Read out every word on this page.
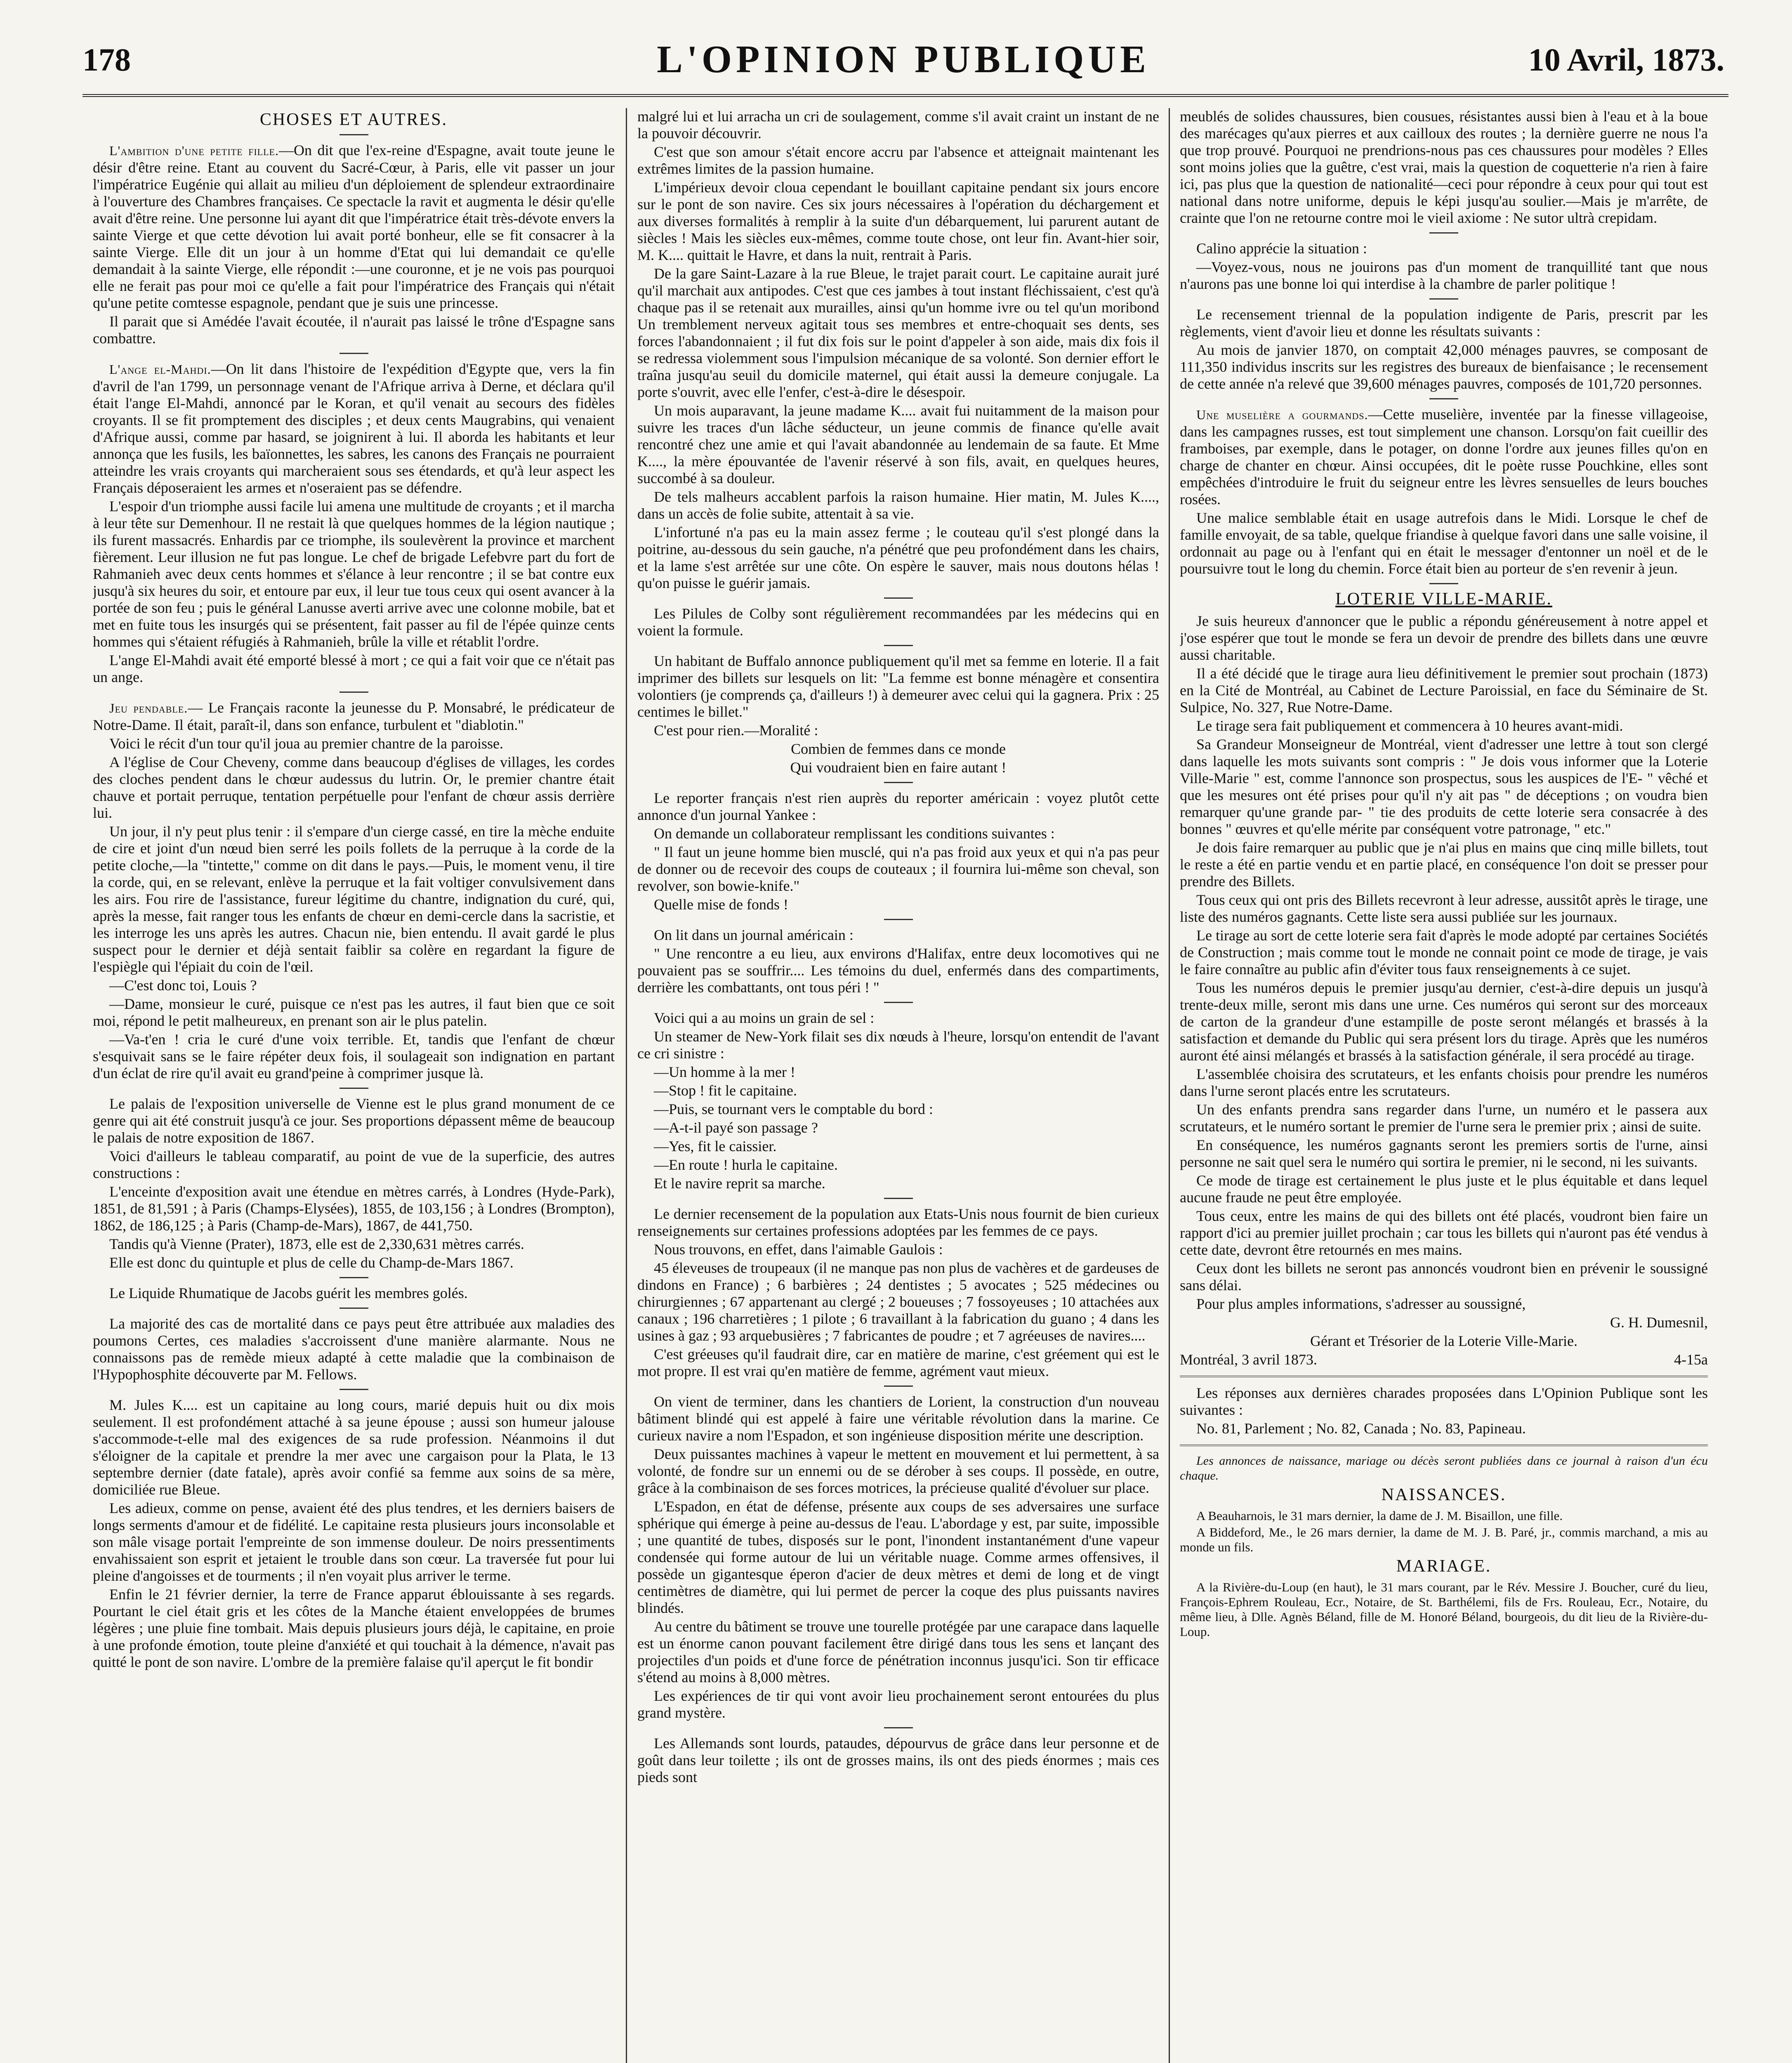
178	L'OPINION PUBLIQUE	10 Avril, 1873.
CHOSES ET AUTRES.

L'ambition d'une petite fille.—On dit que l'ex-reine d'Espagne, avait toute jeune le désir d'être reine. Etant au couvent du Sacré-Cœur, à Paris, elle vit passer un jour l'impératrice Eugénie qui allait au milieu d'un déploiement de splendeur extraordinaire à l'ouverture des Chambres françaises. Ce spectacle la ravit et augmenta le désir qu'elle avait d'être reine. Une personne lui ayant dit que l'impératrice était très-dévote envers la sainte Vierge et que cette dévotion lui avait porté bonheur, elle se fit consacrer à la sainte Vierge. Elle dit un jour à un homme d'Etat qui lui demandait ce qu'elle demandait à la sainte Vierge, elle répondit :—une couronne, et je ne vois pas pourquoi elle ne ferait pas pour moi ce qu'elle a fait pour l'impératrice des Français qui n'était qu'une petite comtesse espagnole, pendant que je suis une princesse.

Il parait que si Amédée l'avait écoutée, il n'aurait pas laissé le trône d'Espagne sans combattre.

L'ange el-Mahdi.—On lit dans l'histoire de l'expédition d'Egypte que, vers la fin d'avril de l'an 1799, un personnage venant de l'Afrique arriva à Derne, et déclara qu'il était l'ange El-Mahdi, annoncé par le Koran, et qu'il venait au secours des fidèles croyants. Il se fit promptement des disciples ; et deux cents Maugrabins, qui venaient d'Afrique aussi, comme par hasard, se joignirent à lui. Il aborda les habitants et leur annonça que les fusils, les baïonnettes, les sabres, les canons des Français ne pourraient atteindre les vrais croyants qui marcheraient sous ses étendards, et qu'à leur aspect les Français déposeraient les armes et n'oseraient pas se défendre.

L'espoir d'un triomphe aussi facile lui amena une multitude de croyants ; et il marcha à leur tête sur Demenhour. Il ne restait là que quelques hommes de la légion nautique ; ils furent massacrés. Enhardis par ce triomphe, ils soulevèrent la province et marchent fièrement. Leur illusion ne fut pas longue. Le chef de brigade Lefebvre part du fort de Rahmanieh avec deux cents hommes et s'élance à leur rencontre ; il se bat contre eux jusqu'à six heures du soir, et entoure par eux, il leur tue tous ceux qui osent avancer à la portée de son feu ; puis le général Lanusse averti arrive avec une colonne mobile, bat et met en fuite tous les insurgés qui se présentent, fait passer au fil de l'épée quinze cents hommes qui s'étaient réfugiés à Rahmanieh, brûle la ville et rétablit l'ordre.

L'ange El-Mahdi avait été emporté blessé à mort ; ce qui a fait voir que ce n'était pas un ange.

Jeu pendable.— Le Français raconte la jeunesse du P. Monsabré, le prédicateur de Notre-Dame. Il était, paraît-il, dans son enfance, turbulent et "diablotin."

Voici le récit d'un tour qu'il joua au premier chantre de la paroisse.

A l'église de Cour Cheveny, comme dans beaucoup d'églises de villages, les cordes des cloches pendent dans le chœur audessus du lutrin. Or, le premier chantre était chauve et portait perruque, tentation perpétuelle pour l'enfant de chœur assis derrière lui.

Un jour, il n'y peut plus tenir : il s'empare d'un cierge cassé, en tire la mèche enduite de cire et joint d'un nœud bien serré les poils follets de la perruque à la corde de la petite cloche,—la "tintette," comme on dit dans le pays.—Puis, le moment venu, il tire la corde, qui, en se relevant, enlève la perruque et la fait voltiger convulsivement dans les airs. Fou rire de l'assistance, fureur légitime du chantre, indignation du curé, qui, après la messe, fait ranger tous les enfants de chœur en demi-cercle dans la sacristie, et les interroge les uns après les autres. Chacun nie, bien entendu. Il avait gardé le plus suspect pour le dernier et déjà sentait faiblir sa colère en regardant la figure de l'espiègle qui l'épiait du coin de l'œil.

—C'est donc toi, Louis ?

—Dame, monsieur le curé, puisque ce n'est pas les autres, il faut bien que ce soit moi, répond le petit malheureux, en prenant son air le plus patelin.

—Va-t'en ! cria le curé d'une voix terrible. Et, tandis que l'enfant de chœur s'esquivait sans se le faire répéter deux fois, il soulageait son indignation en partant d'un éclat de rire qu'il avait eu grand'peine à comprimer jusque là.

Le palais de l'exposition universelle de Vienne est le plus grand monument de ce genre qui ait été construit jusqu'à ce jour. Ses proportions dépassent même de beaucoup le palais de notre exposition de 1867.

Voici d'ailleurs le tableau comparatif, au point de vue de la superficie, des autres constructions :

L'enceinte d'exposition avait une étendue en mètres carrés, à Londres (Hyde-Park), 1851, de 81,591 ; à Paris (Champs-Elysées), 1855, de 103,156 ; à Londres (Brompton), 1862, de 186,125 ; à Paris (Champ-de-Mars), 1867, de 441,750.

Tandis qu'à Vienne (Prater), 1873, elle est de 2,330,631 mètres carrés.

Elle est donc du quintuple et plus de celle du Champ-de-Mars 1867.

Le Liquide Rhumatique de Jacobs guérit les membres golés.

La majorité des cas de mortalité dans ce pays peut être attribuée aux maladies des poumons Certes, ces maladies s'accroissent d'une manière alarmante. Nous ne connaissons pas de remède mieux adapté à cette maladie que la combinaison de l'Hypophosphite découverte par M. Fellows.

M. Jules K.... est un capitaine au long cours, marié depuis huit ou dix mois seulement. Il est profondément attaché à sa jeune épouse ; aussi son humeur jalouse s'accommode-t-elle mal des exigences de sa rude profession. Néanmoins il dut s'éloigner de la capitale et prendre la mer avec une cargaison pour la Plata, le 13 septembre dernier (date fatale), après avoir confié sa femme aux soins de sa mère, domiciliée rue Bleue.

Les adieux, comme on pense, avaient été des plus tendres, et les derniers baisers de longs serments d'amour et de fidélité. Le capitaine resta plusieurs jours inconsolable et son mâle visage portait l'empreinte de son immense douleur. De noirs pressentiments envahissaient son esprit et jetaient le trouble dans son cœur. La traversée fut pour lui pleine d'angoisses et de tourments ; il n'en voyait plus arriver le terme.

Enfin le 21 février dernier, la terre de France apparut éblouissante à ses regards. Pourtant le ciel était gris et les côtes de la Manche étaient enveloppées de brumes légères ; une pluie fine tombait. Mais depuis plusieurs jours déjà, le capitaine, en proie à une profonde émotion, toute pleine d'anxiété et qui touchait à la démence, n'avait pas quitté le pont de son navire. L'ombre de la première falaise qu'il aperçut le fit bondir

malgré lui et lui arracha un cri de soulagement, comme s'il avait craint un instant de ne la pouvoir découvrir.

C'est que son amour s'était encore accru par l'absence et atteignait maintenant les extrêmes limites de la passion humaine.

L'impérieux devoir cloua cependant le bouillant capitaine pendant six jours encore sur le pont de son navire. Ces six jours nécessaires à l'opération du déchargement et aux diverses formalités à remplir à la suite d'un débarquement, lui parurent autant de siècles ! Mais les siècles eux-mêmes, comme toute chose, ont leur fin. Avant-hier soir, M. K.... quittait le Havre, et dans la nuit, rentrait à Paris.

De la gare Saint-Lazare à la rue Bleue, le trajet parait court. Le capitaine aurait juré qu'il marchait aux antipodes. C'est que ces jambes à tout instant fléchissaient, c'est qu'à chaque pas il se retenait aux murailles, ainsi qu'un homme ivre ou tel qu'un moribond Un tremblement nerveux agitait tous ses membres et entre-choquait ses dents, ses forces l'abandonnaient ; il fut dix fois sur le point d'appeler à son aide, mais dix fois il se redressa violemment sous l'impulsion mécanique de sa volonté. Son dernier effort le traîna jusqu'au seuil du domicile maternel, qui était aussi la demeure conjugale. La porte s'ouvrit, avec elle l'enfer, c'est-à-dire le désespoir.

Un mois auparavant, la jeune madame K.... avait fui nuitamment de la maison pour suivre les traces d'un lâche séducteur, un jeune commis de finance qu'elle avait rencontré chez une amie et qui l'avait abandonnée au lendemain de sa faute. Et Mme K...., la mère épouvantée de l'avenir réservé à son fils, avait, en quelques heures, succombé à sa douleur.

De tels malheurs accablent parfois la raison humaine. Hier matin, M. Jules K...., dans un accès de folie subite, attentait à sa vie.

L'infortuné n'a pas eu la main assez ferme ; le couteau qu'il s'est plongé dans la poitrine, au-dessous du sein gauche, n'a pénétré que peu profondément dans les chairs, et la lame s'est arrêtée sur une côte. On espère le sauver, mais nous doutons hélas ! qu'on puisse le guérir jamais.

Les Pilules de Colby sont régulièrement recommandées par les médecins qui en voient la formule.

Un habitant de Buffalo annonce publiquement qu'il met sa femme en loterie. Il a fait imprimer des billets sur lesquels on lit: "La femme est bonne ménagère et consentira volontiers (je comprends ça, d'ailleurs !) à demeurer avec celui qui la gagnera. Prix : 25 centimes le billet."

C'est pour rien.—Moralité :

Combien de femmes dans ce monde

Qui voudraient bien en faire autant !

Le reporter français n'est rien auprès du reporter américain : voyez plutôt cette annonce d'un journal Yankee :

On demande un collaborateur remplissant les conditions suivantes :

" Il faut un jeune homme bien musclé, qui n'a pas froid aux yeux et qui n'a pas peur de donner ou de recevoir des coups de couteaux ; il fournira lui-même son cheval, son revolver, son bowie-knife."

Quelle mise de fonds !

On lit dans un journal américain :

" Une rencontre a eu lieu, aux environs d'Halifax, entre deux locomotives qui ne pouvaient pas se souffrir.... Les témoins du duel, enfermés dans des compartiments, derrière les combattants, ont tous péri ! "

Voici qui a au moins un grain de sel :

Un steamer de New-York filait ses dix nœuds à l'heure, lorsqu'on entendit de l'avant ce cri sinistre :

—Un homme à la mer !

—Stop ! fit le capitaine.

—Puis, se tournant vers le comptable du bord :

—A-t-il payé son passage ?

—Yes, fit le caissier.

—En route ! hurla le capitaine.

Et le navire reprit sa marche.

Le dernier recensement de la population aux Etats-Unis nous fournit de bien curieux renseignements sur certaines professions adoptées par les femmes de ce pays.

Nous trouvons, en effet, dans l'aimable Gaulois :

45 éleveuses de troupeaux (il ne manque pas non plus de vachères et de gardeuses de dindons en France) ; 6 barbières ; 24 dentistes ; 5 avocates ; 525 médecines ou chirurgiennes ; 67 appartenant au clergé ; 2 boueuses ; 7 fossoyeuses ; 10 attachées aux canaux ; 196 charretières ; 1 pilote ; 6 travaillant à la fabrication du guano ; 4 dans les usines à gaz ; 93 arquebusières ; 7 fabricantes de poudre ; et 7 agréeuses de navires....

C'est gréeuses qu'il faudrait dire, car en matière de marine, c'est gréement qui est le mot propre. Il est vrai qu'en matière de femme, agrément vaut mieux.

On vient de terminer, dans les chantiers de Lorient, la construction d'un nouveau bâtiment blindé qui est appelé à faire une véritable révolution dans la marine. Ce curieux navire a nom l'Espadon, et son ingénieuse disposition mérite une description.

Deux puissantes machines à vapeur le mettent en mouvement et lui permettent, à sa volonté, de fondre sur un ennemi ou de se dérober à ses coups. Il possède, en outre, grâce à la combinaison de ses forces motrices, la précieuse qualité d'évoluer sur place.

L'Espadon, en état de défense, présente aux coups de ses adversaires une surface sphérique qui émerge à peine au-dessus de l'eau. L'abordage y est, par suite, impossible ; une quantité de tubes, disposés sur le pont, l'inondent instantanément d'une vapeur condensée qui forme autour de lui un véritable nuage. Comme armes offensives, il possède un gigantesque éperon d'acier de deux mètres et demi de long et de vingt centimètres de diamètre, qui lui permet de percer la coque des plus puissants navires blindés.

Au centre du bâtiment se trouve une tourelle protégée par une carapace dans laquelle est un énorme canon pouvant facilement être dirigé dans tous les sens et lançant des projectiles d'un poids et d'une force de pénétration inconnus jusqu'ici. Son tir efficace s'étend au moins à 8,000 mètres.

Les expériences de tir qui vont avoir lieu prochainement seront entourées du plus grand mystère.

Les Allemands sont lourds, pataudes, dépourvus de grâce dans leur personne et de goût dans leur toilette ; ils ont de grosses mains, ils ont des pieds énormes ; mais ces pieds sont

meublés de solides chaussures, bien cousues, résistantes aussi bien à l'eau et à la boue des marécages qu'aux pierres et aux cailloux des routes ; la dernière guerre ne nous l'a que trop prouvé. Pourquoi ne prendrions-nous pas ces chaussures pour modèles ? Elles sont moins jolies que la guêtre, c'est vrai, mais la question de coquetterie n'a rien à faire ici, pas plus que la question de nationalité—ceci pour répondre à ceux pour qui tout est national dans notre uniforme, depuis le képi jusqu'au soulier.—Mais je m'arrête, de crainte que l'on ne retourne contre moi le vieil axiome : Ne sutor ultrà crepidam.

Calino apprécie la situation :

—Voyez-vous, nous ne jouirons pas d'un moment de tranquillité tant que nous n'aurons pas une bonne loi qui interdise à la chambre de parler politique !

Le recensement triennal de la population indigente de Paris, prescrit par les règlements, vient d'avoir lieu et donne les résultats suivants :

Au mois de janvier 1870, on comptait 42,000 ménages pauvres, se composant de 111,350 individus inscrits sur les registres des bureaux de bienfaisance ; le recensement de cette année n'a relevé que 39,600 ménages pauvres, composés de 101,720 personnes.

Une muselière a gourmands.—Cette muselière, inventée par la finesse villageoise, dans les campagnes russes, est tout simplement une chanson. Lorsqu'on fait cueillir des framboises, par exemple, dans le potager, on donne l'ordre aux jeunes filles qu'on en charge de chanter en chœur. Ainsi occupées, dit le poète russe Pouchkine, elles sont empêchées d'introduire le fruit du seigneur entre les lèvres sensuelles de leurs bouches rosées.

Une malice semblable était en usage autrefois dans le Midi. Lorsque le chef de famille envoyait, de sa table, quelque friandise à quelque favori dans une salle voisine, il ordonnait au page ou à l'enfant qui en était le messager d'entonner un noël et de le poursuivre tout le long du chemin. Force était bien au porteur de s'en revenir à jeun.

LOTERIE VILLE-MARIE.

Je suis heureux d'annoncer que le public a répondu généreusement à notre appel et j'ose espérer que tout le monde se fera un devoir de prendre des billets dans une œuvre aussi charitable.

Il a été décidé que le tirage aura lieu définitivement le premier sout prochain (1873) en la Cité de Montréal, au Cabinet de Lecture Paroissial, en face du Séminaire de St. Sulpice, No. 327, Rue Notre-Dame.

Le tirage sera fait publiquement et commencera à 10 heures avant-midi.

Sa Grandeur Monseigneur de Montréal, vient d'adresser une lettre à tout son clergé dans laquelle les mots suivants sont compris : " Je dois vous informer que la Loterie Ville-Marie " est, comme l'annonce son prospectus, sous les auspices de l'E- " vêché et que les mesures ont été prises pour qu'il n'y ait pas " de déceptions ; on voudra bien remarquer qu'une grande par- " tie des produits de cette loterie sera consacrée à des bonnes " œuvres et qu'elle mérite par conséquent votre patronage, " etc."

Je dois faire remarquer au public que je n'ai plus en mains que cinq mille billets, tout le reste a été en partie vendu et en partie placé, en conséquence l'on doit se presser pour prendre des Billets.

Tous ceux qui ont pris des Billets recevront à leur adresse, aussitôt après le tirage, une liste des numéros gagnants. Cette liste sera aussi publiée sur les journaux.

Le tirage au sort de cette loterie sera fait d'après le mode adopté par certaines Sociétés de Construction ; mais comme tout le monde ne connait point ce mode de tirage, je vais le faire connaître au public afin d'éviter tous faux renseignements à ce sujet.

Tous les numéros depuis le premier jusqu'au dernier, c'est-à-dire depuis un jusqu'à trente-deux mille, seront mis dans une urne. Ces numéros qui seront sur des morceaux de carton de la grandeur d'une estampille de poste seront mélangés et brassés à la satisfaction et demande du Public qui sera présent lors du tirage. Après que les numéros auront été ainsi mélangés et brassés à la satisfaction générale, il sera procédé au tirage.

L'assemblée choisira des scrutateurs, et les enfants choisis pour prendre les numéros dans l'urne seront placés entre les scrutateurs.

Un des enfants prendra sans regarder dans l'urne, un numéro et le passera aux scrutateurs, et le numéro sortant le premier de l'urne sera le premier prix ; ainsi de suite.

En conséquence, les numéros gagnants seront les premiers sortis de l'urne, ainsi personne ne sait quel sera le numéro qui sortira le premier, ni le second, ni les suivants.

Ce mode de tirage est certainement le plus juste et le plus équitable et dans lequel aucune fraude ne peut être employée.

Tous ceux, entre les mains de qui des billets ont été placés, voudront bien faire un rapport d'ici au premier juillet prochain ; car tous les billets qui n'auront pas été vendus à cette date, devront être retournés en mes mains.

Ceux dont les billets ne seront pas annoncés voudront bien en prévenir le soussigné sans délai.

Pour plus amples informations, s'adresser au soussigné,

G. H. Dumesnil,

Gérant et Trésorier de la Loterie Ville-Marie.

Montréal, 3 avril 1873.	4-15a

Les réponses aux dernières charades proposées dans L'Opinion Publique sont les suivantes :

No. 81, Parlement ; No. 82, Canada ; No. 83, Papineau.

Les annonces de naissance, mariage ou décès seront publiées dans ce journal à raison d'un écu chaque.

NAISSANCES.

A Beauharnois, le 31 mars dernier, la dame de J. M. Bisaillon, une fille.

A Biddeford, Me., le 26 mars dernier, la dame de M. J. B. Paré, jr., commis marchand, a mis au monde un fils.

MARIAGE.

A la Rivière-du-Loup (en haut), le 31 mars courant, par le Rév. Messire J. Boucher, curé du lieu, François-Ephrem Rouleau, Ecr., Notaire, de St. Barthélemi, fils de Frs. Rouleau, Ecr., Notaire, du même lieu, à Dlle. Agnès Béland, fille de M. Honoré Béland, bourgeois, du dit lieu de la Rivière-du-Loup.
